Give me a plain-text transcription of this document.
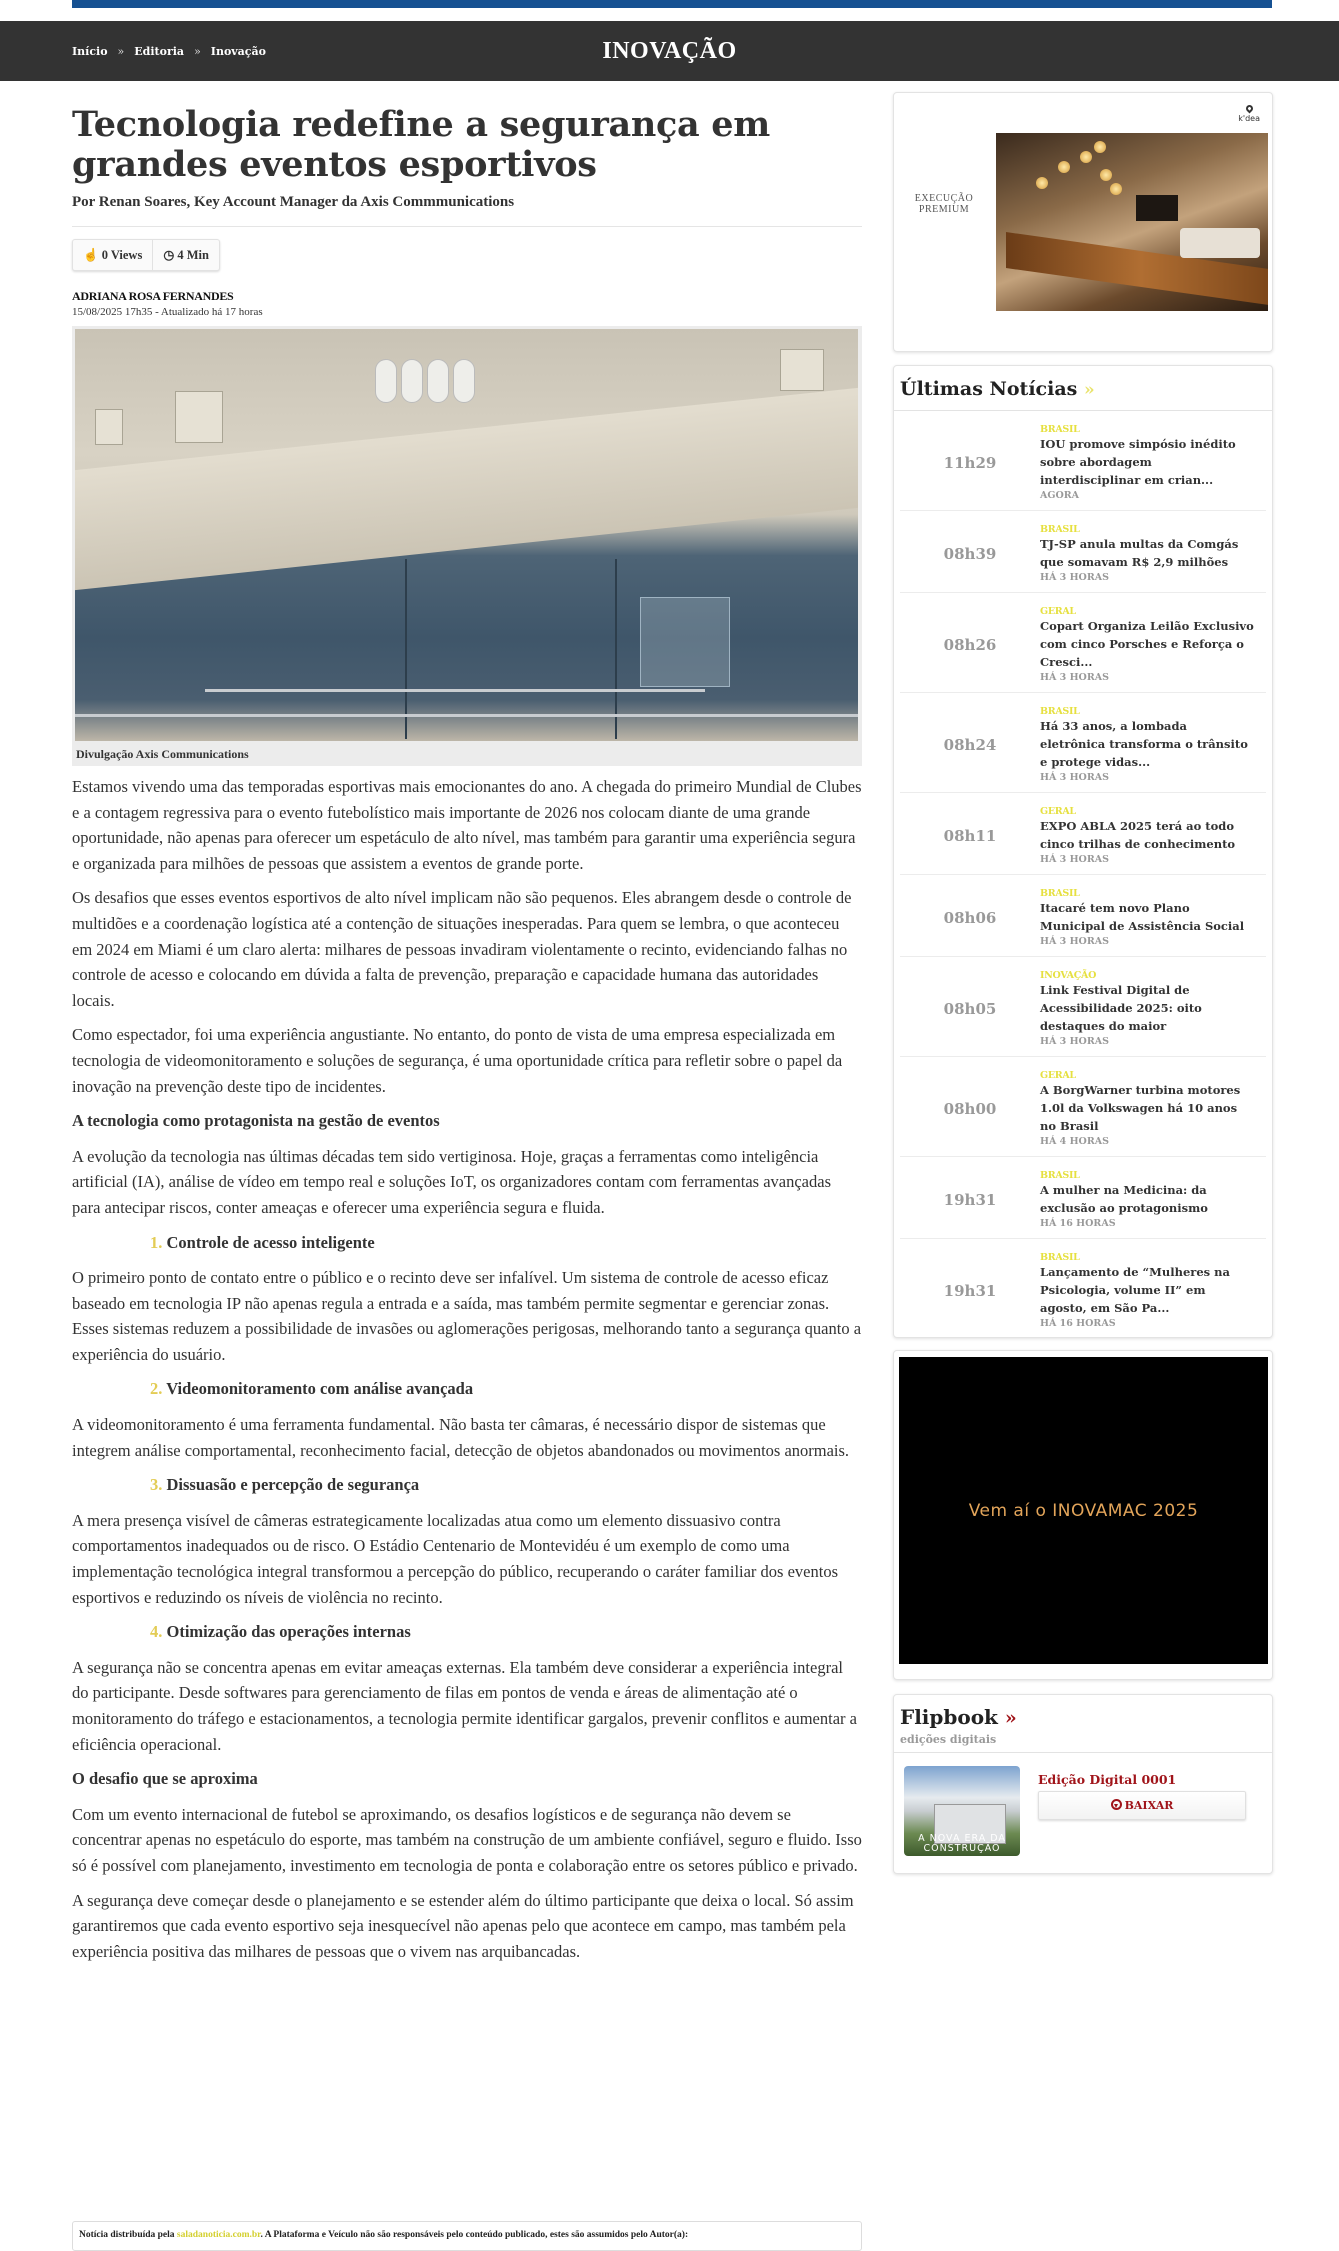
INOVAÇÃO
Início » Editoria » Inovação
Tecnologia redefine a segurança em grandes eventos esportivos
Por Renan Soares, Key Account Manager da Axis Commmunications
☝ 0 Views	◷ 4 Min
ADRIANA ROSA FERNANDES
15/08/2025 17h35 - Atualizado há 17 horas
Divulgação Axis Communications

Estamos vivendo uma das temporadas esportivas mais emocionantes do ano. A chegada do primeiro Mundial de Clubes e a contagem regressiva para o evento futebolístico mais importante de 2026 nos colocam diante de uma grande oportunidade, não apenas para oferecer um espetáculo de alto nível, mas também para garantir uma experiência segura e organizada para milhões de pessoas que assistem a eventos de grande porte.

Os desafios que esses eventos esportivos de alto nível implicam não são pequenos. Eles abrangem desde o controle de multidões e a coordenação logística até a contenção de situações inesperadas. Para quem se lembra, o que aconteceu em 2024 em Miami é um claro alerta: milhares de pessoas invadiram violentamente o recinto, evidenciando falhas no controle de acesso e colocando em dúvida a falta de prevenção, preparação e capacidade humana das autoridades locais.

Como espectador, foi uma experiência angustiante. No entanto, do ponto de vista de uma empresa especializada em tecnologia de videomonitoramento e soluções de segurança, é uma oportunidade crítica para refletir sobre o papel da inovação na prevenção deste tipo de incidentes.

A tecnologia como protagonista na gestão de eventos

A evolução da tecnologia nas últimas décadas tem sido vertiginosa. Hoje, graças a ferramentas como inteligência artificial (IA), análise de vídeo em tempo real e soluções IoT, os organizadores contam com ferramentas avançadas para antecipar riscos, conter ameaças e oferecer uma experiência segura e fluida.

1. Controle de acesso inteligente

O primeiro ponto de contato entre o público e o recinto deve ser infalível. Um sistema de controle de acesso eficaz baseado em tecnologia IP não apenas regula a entrada e a saída, mas também permite segmentar e gerenciar zonas. Esses sistemas reduzem a possibilidade de invasões ou aglomerações perigosas, melhorando tanto a segurança quanto a experiência do usuário.

2. Videomonitoramento com análise avançada

A videomonitoramento é uma ferramenta fundamental. Não basta ter câmaras, é necessário dispor de sistemas que integrem análise comportamental, reconhecimento facial, detecção de objetos abandonados ou movimentos anormais.

3. Dissuasão e percepção de segurança

A mera presença visível de câmeras estrategicamente localizadas atua como um elemento dissuasivo contra comportamentos inadequados ou de risco. O Estádio Centenario de Montevidéu é um exemplo de como uma implementação tecnológica integral transformou a percepção do público, recuperando o caráter familiar dos eventos esportivos e reduzindo os níveis de violência no recinto.

4. Otimização das operações internas

A segurança não se concentra apenas em evitar ameaças externas. Ela também deve considerar a experiência integral do participante. Desde softwares para gerenciamento de filas em pontos de venda e áreas de alimentação até o monitoramento do tráfego e estacionamentos, a tecnologia permite identificar gargalos, prevenir conflitos e aumentar a eficiência operacional.

O desafio que se aproxima

Com um evento internacional de futebol se aproximando, os desafios logísticos e de segurança não devem se concentrar apenas no espetáculo do esporte, mas também na construção de um ambiente confiável, seguro e fluido. Isso só é possível com planejamento, investimento em tecnologia de ponta e colaboração entre os setores público e privado.

A segurança deve começar desde o planejamento e se estender além do último participante que deixa o local. Só assim garantiremos que cada evento esportivo seja inesquecível não apenas pelo que acontece em campo, mas também pela experiência positiva das milhares de pessoas que o vivem nas arquibancadas.

Notícia distribuída pela saladanoticia.com.br. A Plataforma e Veículo não são responsáveis pelo conteúdo publicado, estes são assumidos pelo Autor(a):
k'dea
EXECUÇÃO
PREMIUM
Últimas Notícias »
11h29
BRASIL
IOU promove simpósio inédito sobre abordagem interdisciplinar em crian...
AGORA
08h39
BRASIL
TJ-SP anula multas da Comgás que somavam R$ 2,9 milhões
HÁ 3 HORAS
08h26
GERAL
Copart Organiza Leilão Exclusivo com cinco Porsches e Reforça o Cresci...
HÁ 3 HORAS
08h24
BRASIL
Há 33 anos, a lombada eletrônica transforma o trânsito e protege vidas...
HÁ 3 HORAS
08h11
GERAL
EXPO ABLA 2025 terá ao todo cinco trilhas de conhecimento
HÁ 3 HORAS
08h06
BRASIL
Itacaré tem novo Plano Municipal de Assistência Social
HÁ 3 HORAS
08h05
INOVAÇÃO
Link Festival Digital de Acessibilidade 2025: oito destaques do maior
HÁ 3 HORAS
08h00
GERAL
A BorgWarner turbina motores 1.0l da Volkswagen há 10 anos no Brasil
HÁ 4 HORAS
19h31
BRASIL
A mulher na Medicina: da exclusão ao protagonismo
HÁ 16 HORAS
19h31
BRASIL
Lançamento de “Mulheres na Psicologia, volume II” em agosto, em São Pa...
HÁ 16 HORAS
Vem aí o INOVAMAC 2025
Flipbook »
edições digitais
A NOVA ERA DA CONSTRUÇÃO
Edição Digital 0001
BAIXAR
